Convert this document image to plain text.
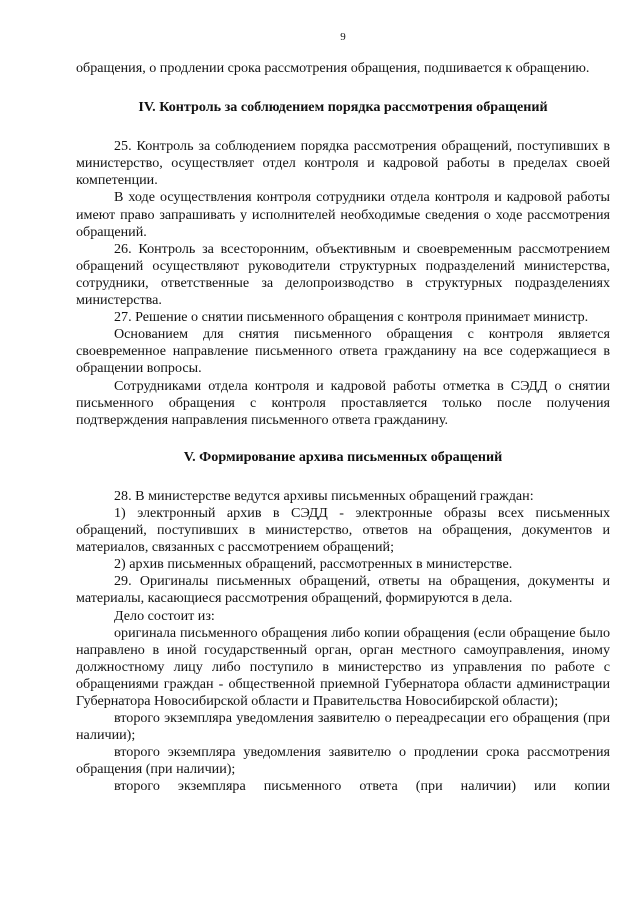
9

обращения, о продлении срока рассмотрения обращения, подшивается к обращению.

IV. Контроль за соблюдением порядка рассмотрения обращений

25. Контроль за соблюдением порядка рассмотрения обращений, поступивших в министерство, осуществляет отдел контроля и кадровой работы в пределах своей компетенции.

В ходе осуществления контроля сотрудники отдела контроля и кадровой работы имеют право запрашивать у исполнителей необходимые сведения о ходе рассмотрения обращений.

26. Контроль за всесторонним, объективным и своевременным рассмотрением обращений осуществляют руководители структурных подразделений министерства, сотрудники, ответственные за делопроизводство в структурных подразделениях министерства.

27. Решение о снятии письменного обращения с контроля принимает министр.

Основанием для снятия письменного обращения с контроля является своевременное направление письменного ответа гражданину на все содержащиеся в обращении вопросы.

Сотрудниками отдела контроля и кадровой работы отметка в СЭДД о снятии письменного обращения с контроля проставляется только после получения подтверждения направления письменного ответа гражданину.

V. Формирование архива письменных обращений

28. В министерстве ведутся архивы письменных обращений граждан:

1) электронный архив в СЭДД - электронные образы всех письменных обращений, поступивших в министерство, ответов на обращения, документов и материалов, связанных с рассмотрением обращений;

2) архив письменных обращений, рассмотренных в министерстве.

29. Оригиналы письменных обращений, ответы на обращения, документы и материалы, касающиеся рассмотрения обращений, формируются в дела.

Дело состоит из:

оригинала письменного обращения либо копии обращения (если обращение было направлено в иной государственный орган, орган местного самоуправления, иному должностному лицу либо поступило в министерство из управления по работе с обращениями граждан - общественной приемной Губернатора области администрации Губернатора Новосибирской области и Правительства Новосибирской области);

второго экземпляра уведомления заявителю о переадресации его обращения (при наличии);

второго экземпляра уведомления заявителю о продлении срока рассмотрения обращения (при наличии);

второго экземпляра письменного ответа (при наличии) или копии
